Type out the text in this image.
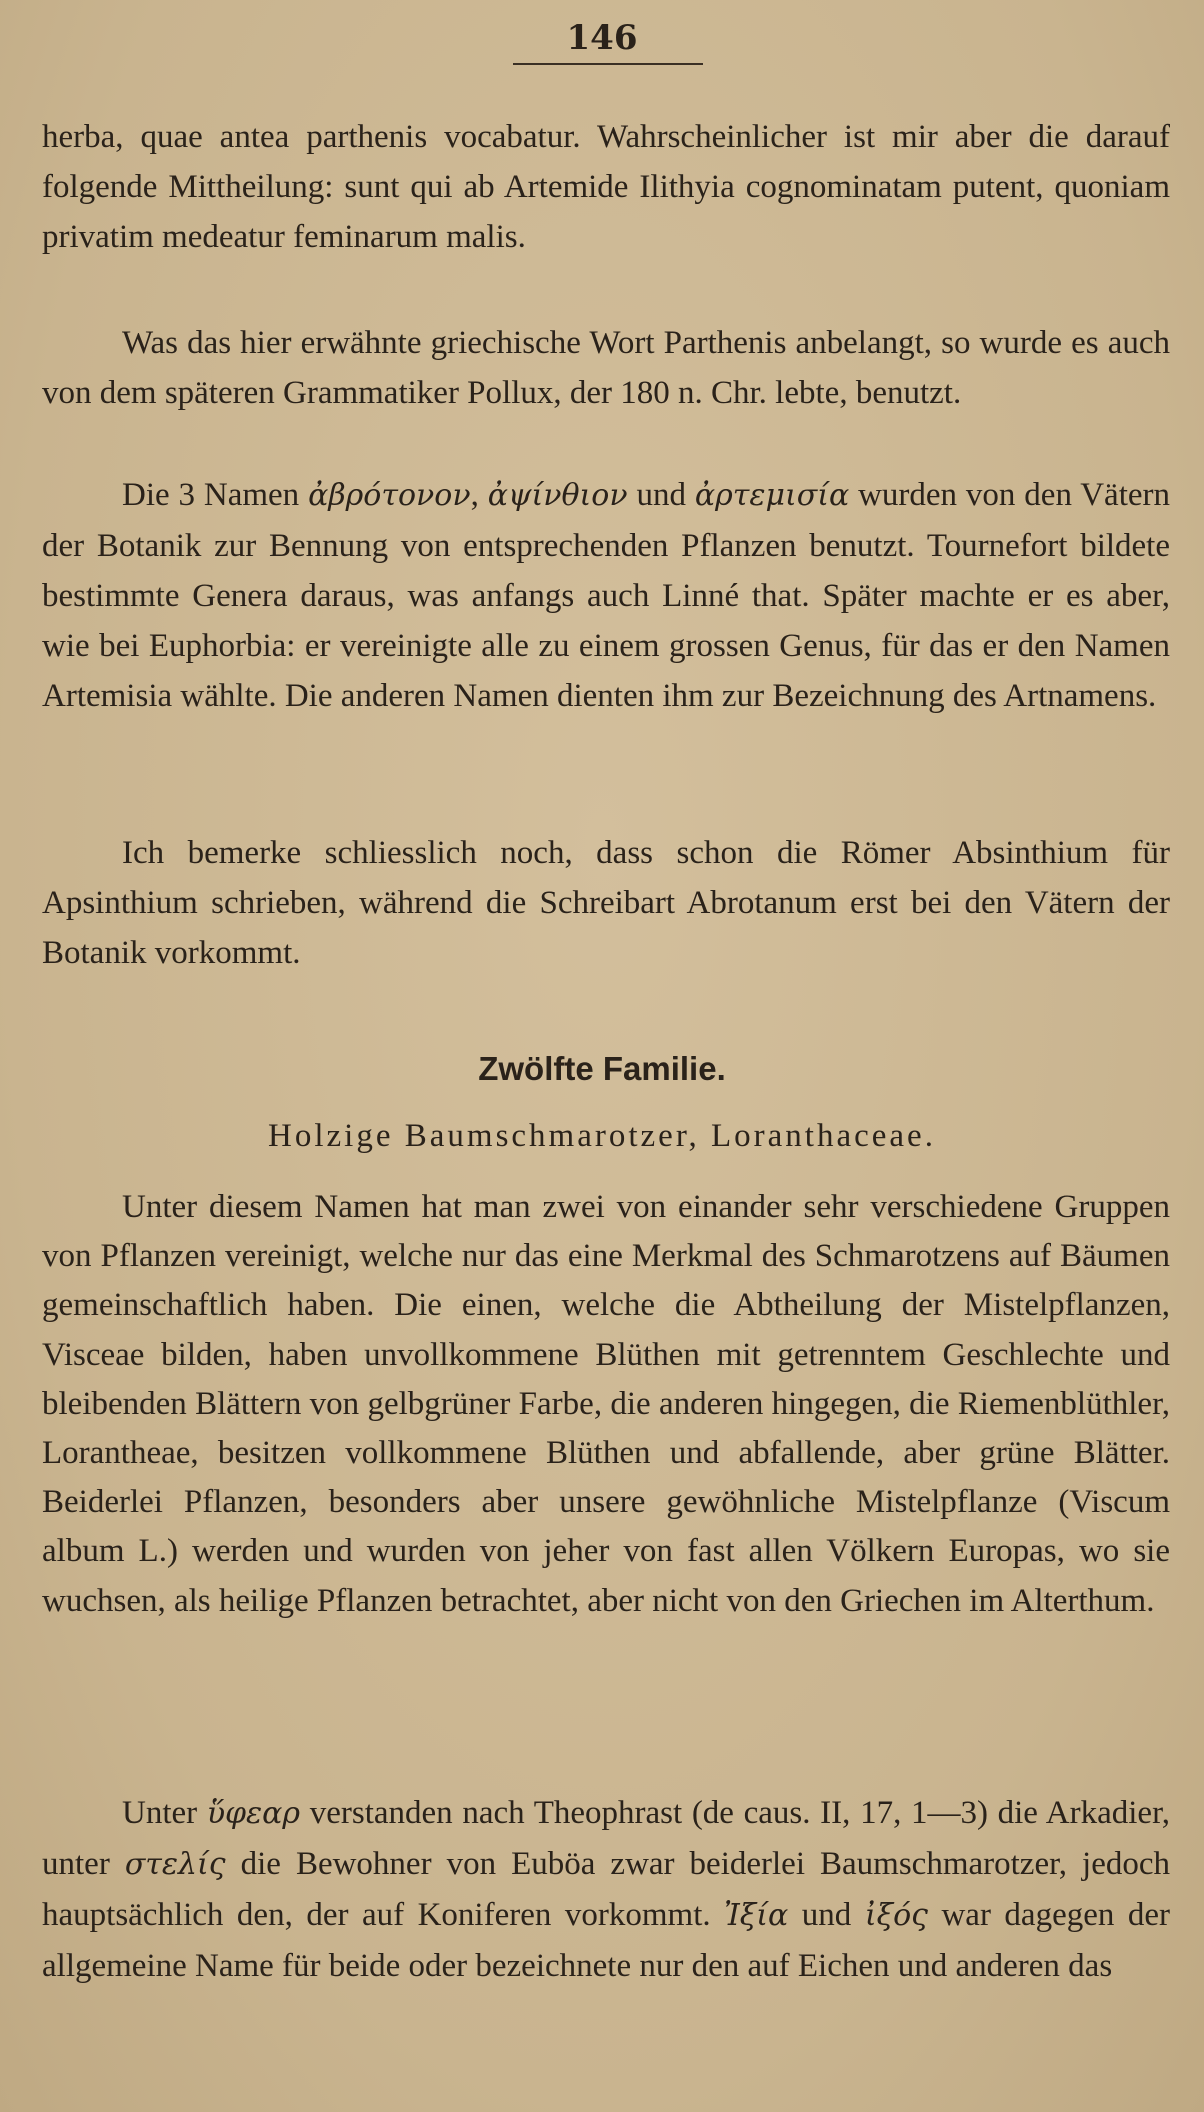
146

herba, quae antea parthenis vocabatur. Wahrscheinlicher ist mir aber die darauf folgende Mittheilung: sunt qui ab Artemide Ilithyia cognominatam putent, quoniam privatim medeatur feminarum malis.

Was das hier erwähnte griechische Wort Parthenis anbelangt, so wurde es auch von dem späteren Grammatiker Pollux, der 180 n. Chr. lebte, benutzt.

Die 3 Namen ἀβρότονον, ἀψίνθιον und ἀρτεμισία wurden von den Vätern der Botanik zur Bennung von entsprechenden Pflanzen benutzt. Tournefort bildete bestimmte Genera daraus, was anfangs auch Linné that. Später machte er es aber, wie bei Euphorbia: er vereinigte alle zu einem grossen Genus, für das er den Namen Artemisia wählte. Die anderen Namen dienten ihm zur Bezeichnung des Artnamens.

Ich bemerke schliesslich noch, dass schon die Römer Absinthium für Apsinthium schrieben, während die Schreibart Abrotanum erst bei den Vätern der Botanik vorkommt.

Zwölfte Familie.
Holzige Baumschmarotzer, Loranthaceae.

Unter diesem Namen hat man zwei von einander sehr verschiedene Gruppen von Pflanzen vereinigt, welche nur das eine Merkmal des Schmarotzens auf Bäumen gemeinschaftlich haben. Die einen, welche die Abtheilung der Mistelpflanzen, Visceae bilden, haben unvollkommene Blüthen mit getrenntem Geschlechte und bleibenden Blättern von gelbgrüner Farbe, die anderen hingegen, die Riemenblüthler, Lorantheae, besitzen vollkommene Blüthen und abfallende, aber grüne Blätter. Beiderlei Pflanzen, besonders aber unsere gewöhnliche Mistelpflanze (Viscum album L.) werden und wurden von jeher von fast allen Völkern Europas, wo sie wuchsen, als heilige Pflanzen betrachtet, aber nicht von den Griechen im Alterthum.

Unter ὕφεαρ verstanden nach Theophrast (de caus. II, 17, 1—3) die Arkadier, unter στελίς die Bewohner von Euböa zwar beiderlei Baumschmarotzer, jedoch hauptsächlich den, der auf Koniferen vorkommt. Ἰξία und ἰξός war dagegen der allgemeine Name für beide oder bezeichnete nur den auf Eichen und anderen das
